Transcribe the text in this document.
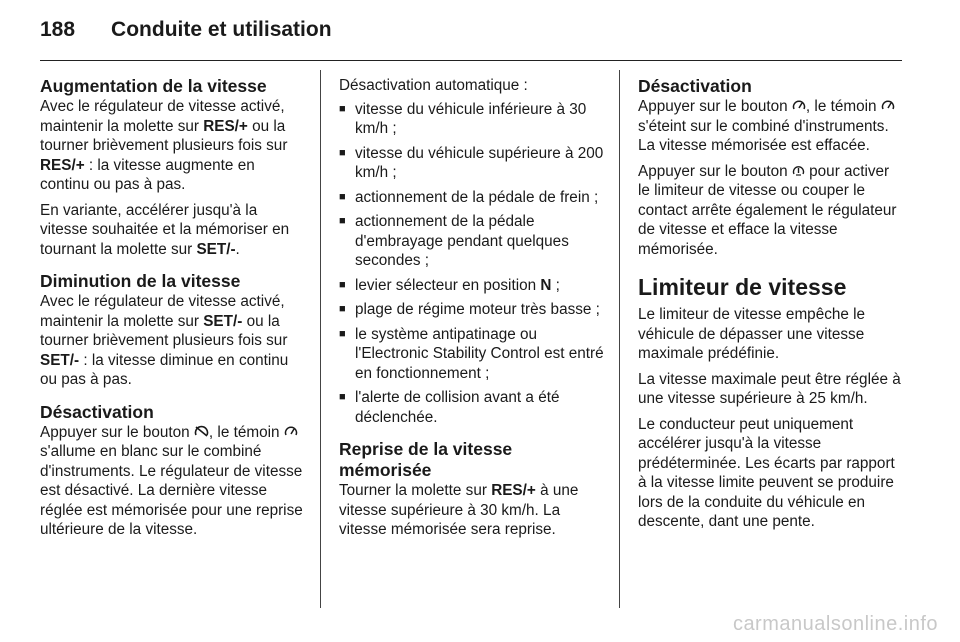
188 Conduite et utilisation
Augmentation de la vitesse

Avec le régulateur de vitesse activé, maintenir la molette sur RES/+ ou la tourner brièvement plusieurs fois sur RES/+ : la vitesse augmente en continu ou pas à pas.

En variante, accélérer jusqu'à la vitesse souhaitée et la mémoriser en tournant la molette sur SET/-.

Diminution de la vitesse

Avec le régulateur de vitesse activé, maintenir la molette sur SET/- ou la tourner brièvement plusieurs fois sur SET/- : la vitesse diminue en continu ou pas à pas.

Désactivation

Appuyer sur le bouton , le témoin  s'allume en blanc sur le combiné d'instruments. Le régulateur de vitesse est désactivé. La dernière vitesse réglée est mémorisée pour une reprise ultérieure de la vitesse.

Désactivation automatique :

■ vitesse du véhicule inférieure à 30 km/h ;
■ vitesse du véhicule supérieure à 200 km/h ;
■ actionnement de la pédale de frein ;
■ actionnement de la pédale d'embrayage pendant quelques secondes ;
■ levier sélecteur en position N ;
■ plage de régime moteur très basse ;
■ le système antipatinage ou l'Electronic Stability Control est entré en fonctionnement ;
■ l'alerte de collision avant a été déclenchée.
Reprise de la vitesse mémorisée

Tourner la molette sur RES/+ à une vitesse supérieure à 30 km/h. La vitesse mémorisée sera reprise.

Désactivation

Appuyer sur le bouton , le témoin  s'éteint sur le combiné d'instruments. La vitesse mémorisée est effacée.

Appuyer sur le bouton  pour activer le limiteur de vitesse ou couper le contact arrête également le régulateur de vitesse et efface la vitesse mémorisée.

Limiteur de vitesse

Le limiteur de vitesse empêche le véhicule de dépasser une vitesse maximale prédéfinie.

La vitesse maximale peut être réglée à une vitesse supérieure à 25 km/h.

Le conducteur peut uniquement accélérer jusqu'à la vitesse prédéterminée. Les écarts par rapport à la vitesse limite peuvent se produire lors de la conduite du véhicule en descente, dant une pente.

carmanualsonline.info
